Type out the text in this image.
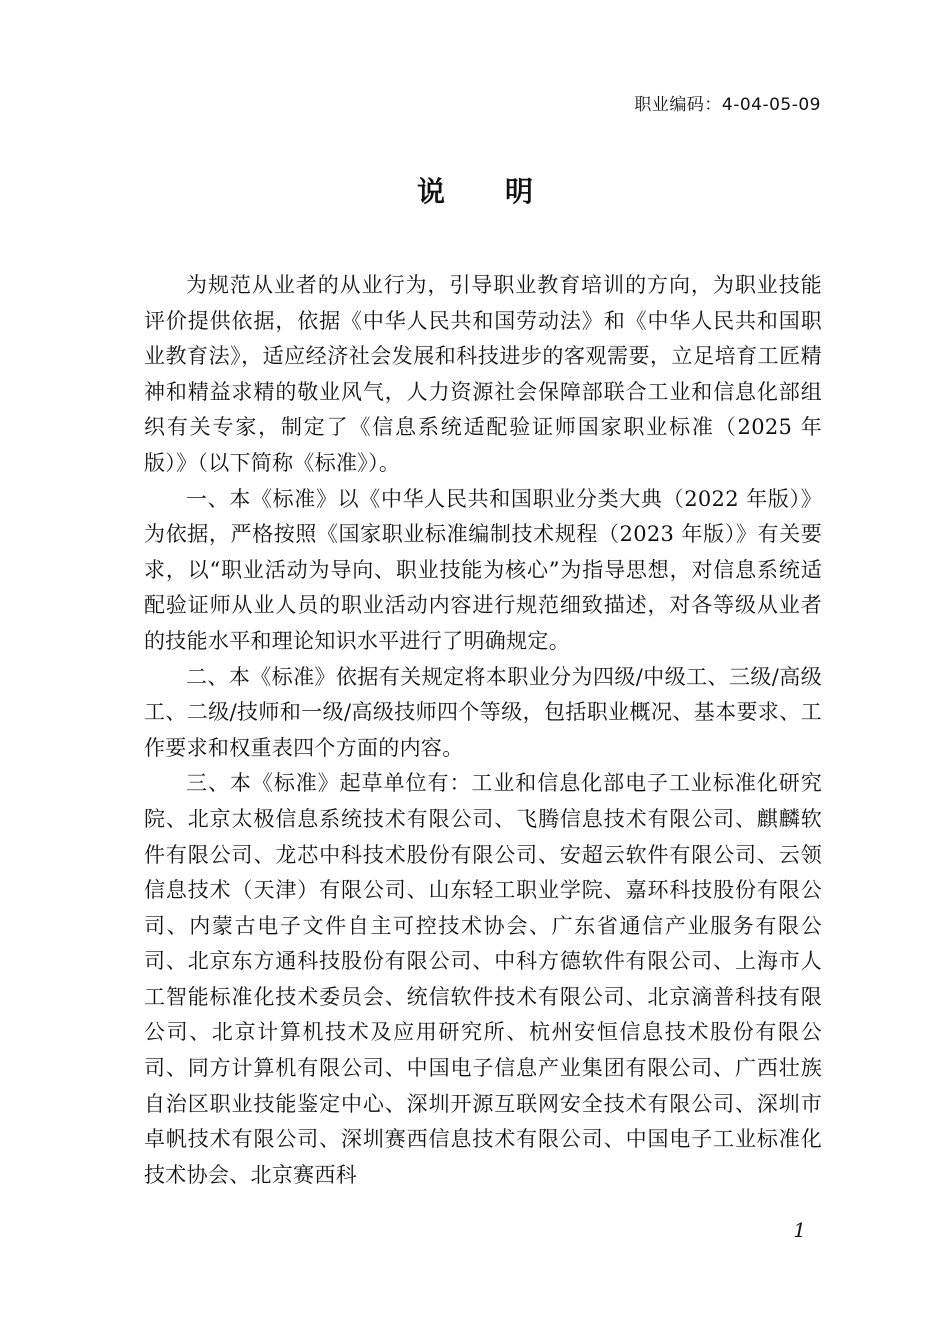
职业编码：4-04-05-09
说明

为规范从业者的从业行为，引导职业教育培训的方向，为职业技能评价提供依据，依据《中华人民共和国劳动法》和《中华人民共和国职业教育法》，适应经济社会发展和科技进步的客观需要，立足培育工匠精神和精益求精的敬业风气，人力资源社会保障部联合工业和信息化部组织有关专家，制定了《信息系统适配验证师国家职业标准（2025 年版）》（以下简称《标准》）。

一、本《标准》以《中华人民共和国职业分类大典（2022 年版）》为依据，严格按照《国家职业标准编制技术规程（2023 年版）》有关要求，以“职业活动为导向、职业技能为核心”为指导思想，对信息系统适配验证师从业人员的职业活动内容进行规范细致描述，对各等级从业者的技能水平和理论知识水平进行了明确规定。

二、本《标准》依据有关规定将本职业分为四级/中级工、三级/高级工、二级/技师和一级/高级技师四个等级，包括职业概况、基本要求、工作要求和权重表四个方面的内容。

三、本《标准》起草单位有：工业和信息化部电子工业标准化研究院、北京太极信息系统技术有限公司、飞腾信息技术有限公司、麒麟软件有限公司、龙芯中科技术股份有限公司、安超云软件有限公司、云领信息技术（天津）有限公司、山东轻工职业学院、嘉环科技股份有限公司、内蒙古电子文件自主可控技术协会、广东省通信产业服务有限公司、北京东方通科技股份有限公司、中科方德软件有限公司、上海市人工智能标准化技术委员会、统信软件技术有限公司、北京滴普科技有限公司、北京计算机技术及应用研究所、杭州安恒信息技术股份有限公司、同方计算机有限公司、中国电子信息产业集团有限公司、广西壮族自治区职业技能鉴定中心、深圳开源互联网安全技术有限公司、深圳市卓帆技术有限公司、深圳赛西信息技术有限公司、中国电子工业标准化技术协会、北京赛西科

1
